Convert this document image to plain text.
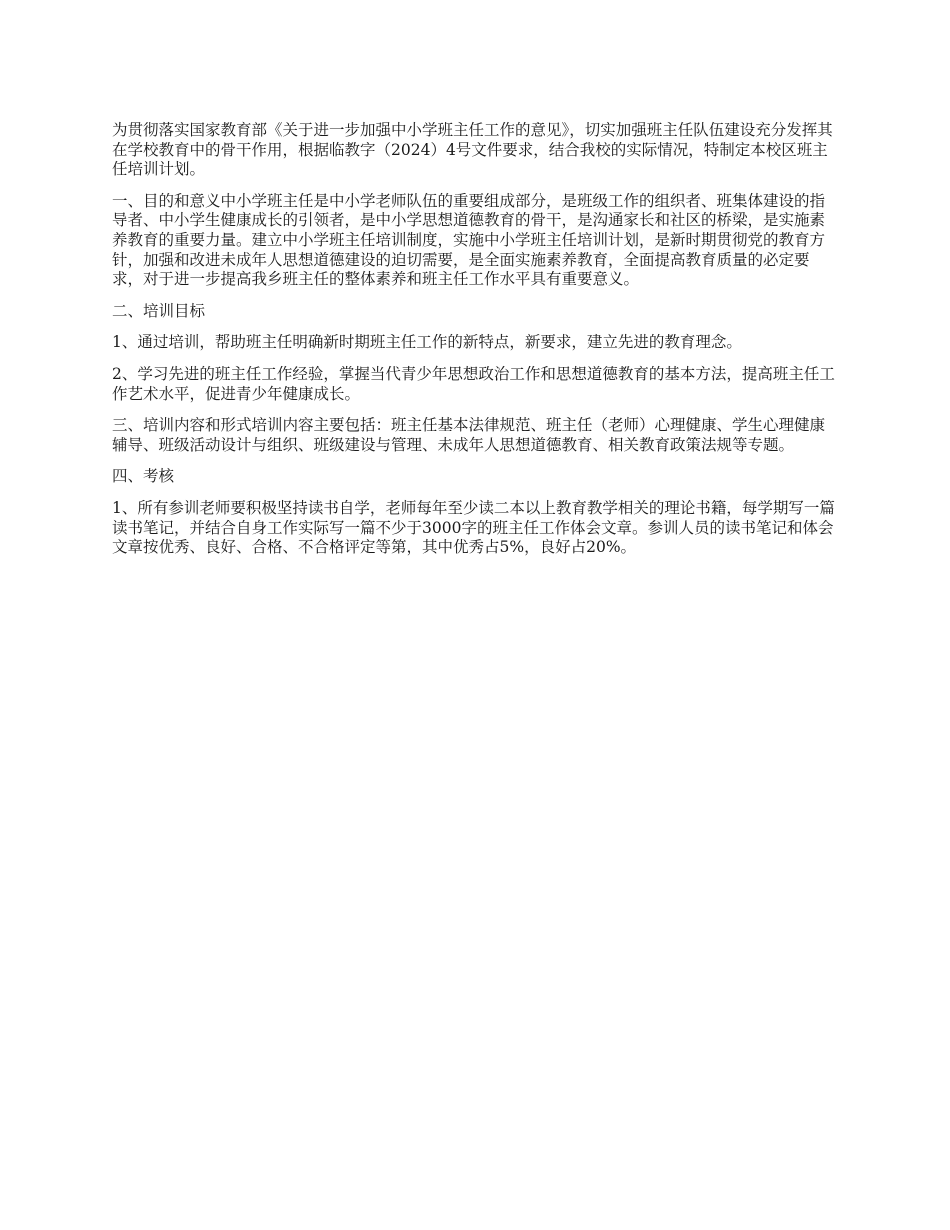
为贯彻落实国家教育部《关于进一步加强中小学班主任工作的意见》，切实加强班主任队伍建设充分发挥其在学校教育中的骨干作用，根据临教字（2024）4号文件要求，结合我校的实际情况，特制定本校区班主任培训计划。

一、目的和意义中小学班主任是中小学老师队伍的重要组成部分，是班级工作的组织者、班集体建设的指导者、中小学生健康成长的引领者，是中小学思想道德教育的骨干，是沟通家长和社区的桥梁，是实施素养教育的重要力量。建立中小学班主任培训制度，实施中小学班主任培训计划，是新时期贯彻党的教育方针，加强和改进未成年人思想道德建设的迫切需要，是全面实施素养教育，全面提高教育质量的必定要求，对于进一步提高我乡班主任的整体素养和班主任工作水平具有重要意义。

二、培训目标

1、通过培训，帮助班主任明确新时期班主任工作的新特点，新要求，建立先进的教育理念。

2、学习先进的班主任工作经验，掌握当代青少年思想政治工作和思想道德教育的基本方法，提高班主任工作艺术水平，促进青少年健康成长。

三、培训内容和形式培训内容主要包括：班主任基本法律规范、班主任（老师）心理健康、学生心理健康辅导、班级活动设计与组织、班级建设与管理、未成年人思想道德教育、相关教育政策法规等专题。

四、考核

1、所有参训老师要积极坚持读书自学，老师每年至少读二本以上教育教学相关的理论书籍，每学期写一篇读书笔记，并结合自身工作实际写一篇不少于3000字的班主任工作体会文章。参训人员的读书笔记和体会文章按优秀、良好、合格、不合格评定等第，其中优秀占5%，良好占20%。
